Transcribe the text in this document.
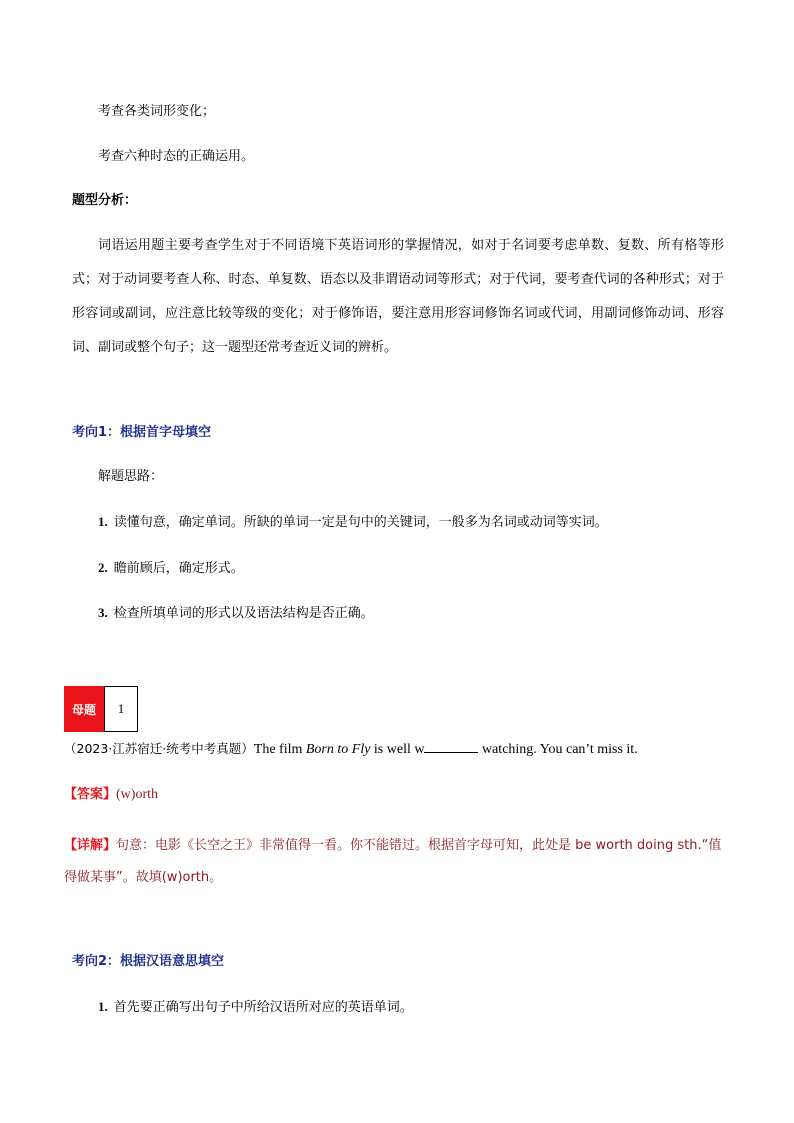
考查各类词形变化；
考查六种时态的正确运用。
题型分析：
词语运用题主要考查学生对于不同语境下英语词形的掌握情况，如对于名词要考虑单数、复数、所有格等形式；对于动词要考查人称、时态、单复数、语态以及非谓语动词等形式；对于代词，要考查代词的各种形式；对于形容词或副词，应注意比较等级的变化；对于修饰语，要注意用形容词修饰名词或代词，用副词修饰动词、形容词、副词或整个句子；这一题型还常考查近义词的辨析。
考向1：根据首字母填空
解题思路：
1. 读懂句意，确定单词。所缺的单词一定是句中的关键词，一般多为名词或动词等实词。
2. 瞻前顾后，确定形式。
3. 检查所填单词的形式以及语法结构是否正确。
母题	1
（2023·江苏宿迁·统考中考真题）The film Born to Fly is well w	watching. You can’t miss it.
【答案】(w)orth
【详解】句意：电影《长空之王》非常值得一看。你不能错过。根据首字母可知，此处是 be worth doing sth.“值得做某事”。故填(w)orth。
考向2：根据汉语意思填空
1. 首先要正确写出句子中所给汉语所对应的英语单词。
